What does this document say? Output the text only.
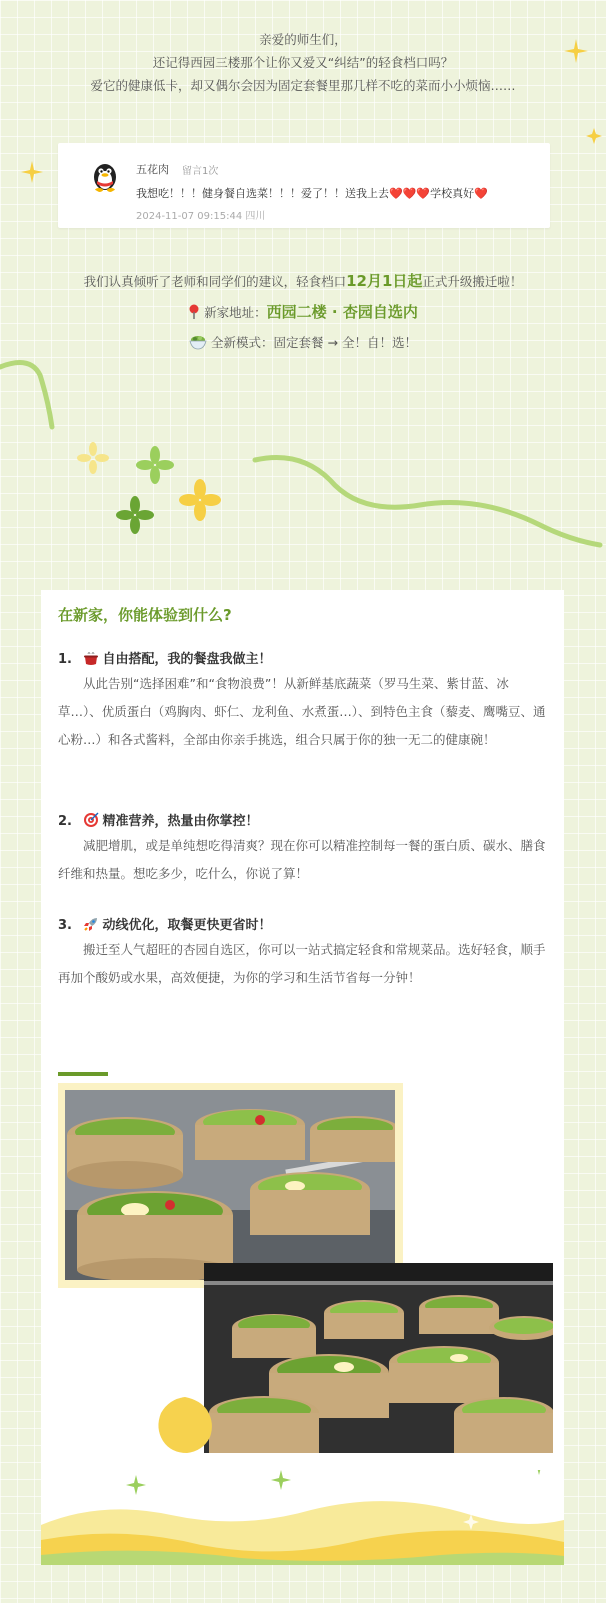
亲爱的师生们，

还记得西园三楼那个让你又爱又“纠结”的轻食档口吗？

爱它的健康低卡，却又偶尔会因为固定套餐里那几样不吃的菜而小小烦恼……

五花肉 留言1次
我想吃！！！健身餐自选菜！！！爱了！！送我上去❤️❤️❤️学校真好❤️
2024-11-07 09:15:44 四川

我们认真倾听了老师和同学们的建议，轻食档口12月1日起正式升级搬迁啦！

新家地址：西园二楼 · 杏园自选内

全新模式：固定套餐 → 全！自！选！

在新家，你能体验到什么?
1. 自由搭配，我的餐盘我做主！
从此告别“选择困难”和“食物浪费”！从新鲜基底蔬菜（罗马生菜、紫甘蓝、冰草…）、优质蛋白（鸡胸肉、虾仁、龙利鱼、水煮蛋…）、到特色主食（藜麦、鹰嘴豆、通心粉…）和各式酱料，全部由你亲手挑选，组合只属于你的独一无二的健康碗！
2. 精准营养，热量由你掌控！
减肥增肌，或是单纯想吃得清爽？现在你可以精准控制每一餐的蛋白质、碳水、膳食纤维和热量。想吃多少，吃什么，你说了算！
3. 动线优化，取餐更快更省时！
搬迁至人气超旺的杏园自选区，你可以一站式搞定轻食和常规菜品。选好轻食，顺手再加个酸奶或水果，高效便捷，为你的学习和生活节省每一分钟！
